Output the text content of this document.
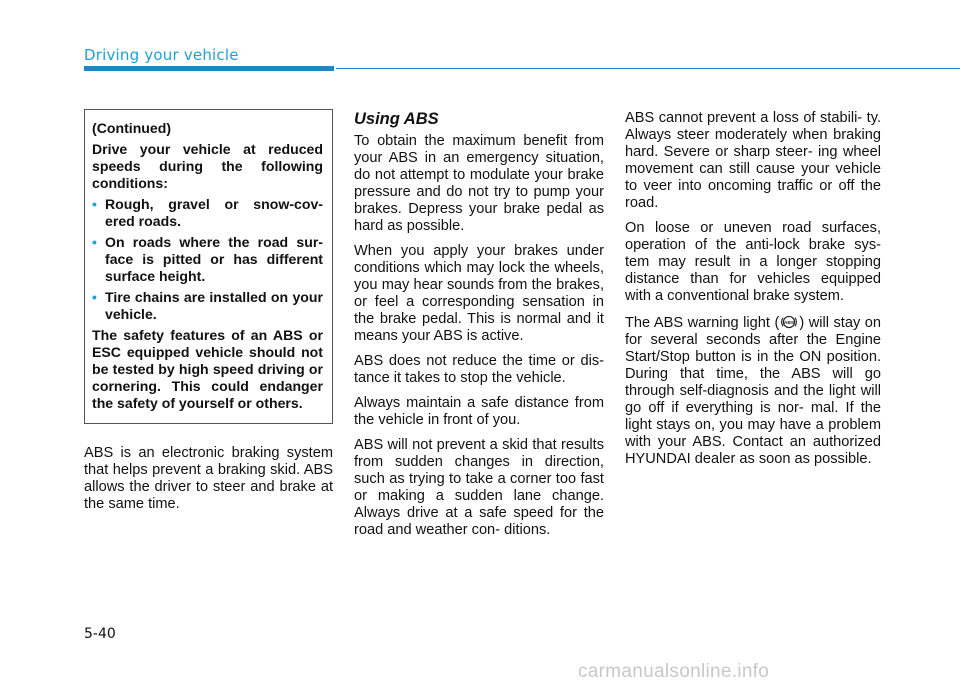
Driving your vehicle

(Continued)

Drive your vehicle at reduced speeds during the following conditions:

• Rough, gravel or snow-cov- ered roads.
• On roads where the road sur- face is pitted or has different surface height.
• Tire chains are installed on your vehicle.

The safety features of an ABS or ESC equipped vehicle should not be tested by high speed driving or cornering. This could endanger the safety of yourself or others.

ABS is an electronic braking system that helps prevent a braking skid. ABS allows the driver to steer and brake at the same time.

Using ABS

To obtain the maximum benefit from your ABS in an emergency situation, do not attempt to modulate your brake pressure and do not try to pump your brakes. Depress your brake pedal as hard as possible.

When you apply your brakes under conditions which may lock the wheels, you may hear sounds from the brakes, or feel a corresponding sensation in the brake pedal. This is normal and it means your ABS is active.

ABS does not reduce the time or dis- tance it takes to stop the vehicle.

Always maintain a safe distance from the vehicle in front of you.

ABS will not prevent a skid that results from sudden changes in direction, such as trying to take a corner too fast or making a sudden lane change. Always drive at a safe speed for the road and weather con- ditions.

ABS cannot prevent a loss of stabili- ty. Always steer moderately when braking hard. Severe or sharp steer- ing wheel movement can still cause your vehicle to veer into oncoming traffic or off the road.

On loose or uneven road surfaces, operation of the anti-lock brake sys- tem may result in a longer stopping distance than for vehicles equipped with a conventional brake system.

The ABS warning light ( ABS ) will stay on for several seconds after the Engine Start/Stop button is in the ON position. During that time, the ABS will go through self-diagnosis and the light will go off if everything is nor- mal. If the light stays on, you may have a problem with your ABS. Contact an authorized HYUNDAI dealer as soon as possible.

5-40
carmanualsonline.info
